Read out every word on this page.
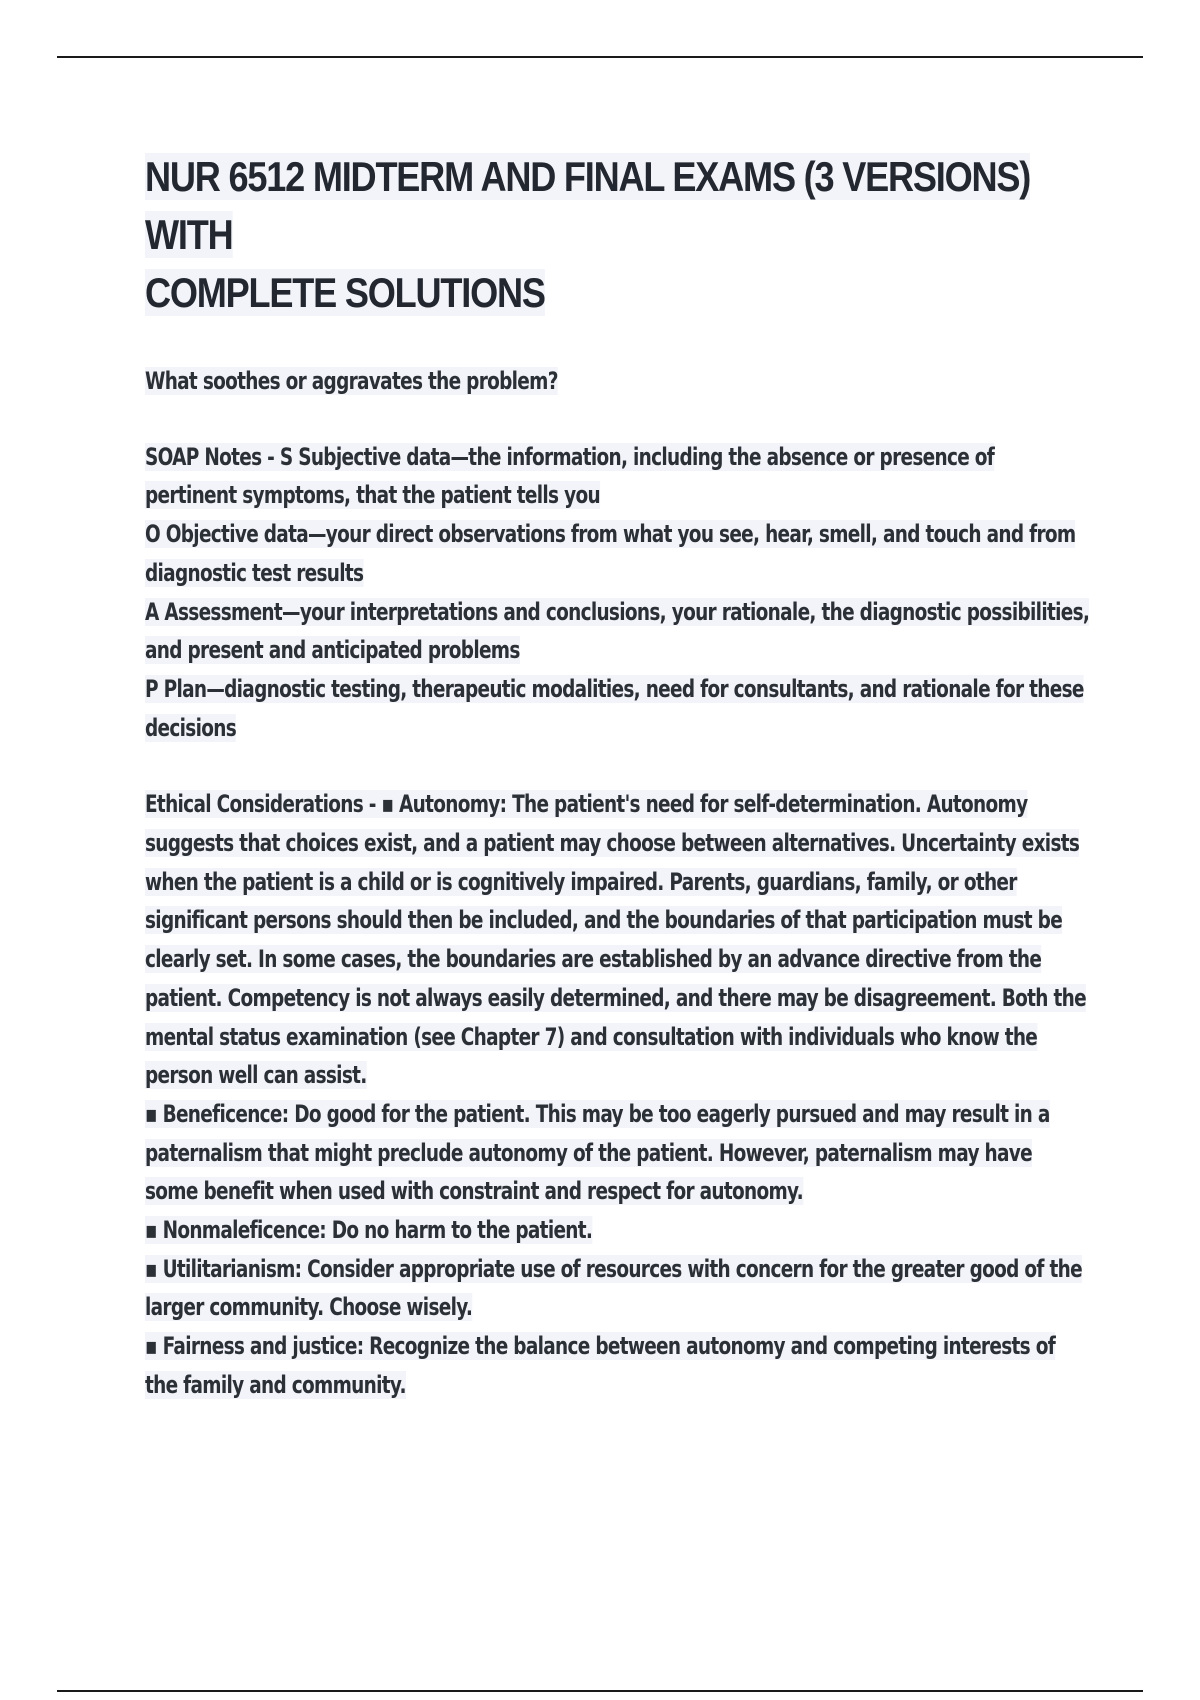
NUR 6512 MIDTERM AND FINAL EXAMS (3 VERSIONS) WITH
COMPLETE SOLUTIONS

What soothes or aggravates the problem?

SOAP Notes - S Subjective data—the information, including the absence or presence of pertinent symptoms, that the patient tells you
O Objective data—your direct observations from what you see, hear, smell, and touch and from diagnostic test results
A Assessment—your interpretations and conclusions, your rationale, the diagnostic possibilities, and present and anticipated problems
P Plan—diagnostic testing, therapeutic modalities, need for consultants, and rationale for these decisions

Ethical Considerations - ▪ Autonomy: The patient's need for self-determination. Autonomy suggests that choices exist, and a patient may choose between alternatives. Uncertainty exists when the patient is a child or is cognitively impaired. Parents, guardians, family, or other significant persons should then be included, and the boundaries of that participation must be clearly set. In some cases, the boundaries are established by an advance directive from the patient. Competency is not always easily determined, and there may be disagreement. Both the mental status examination (see Chapter 7) and consultation with individuals who know the person well can assist.
▪ Beneficence: Do good for the patient. This may be too eagerly pursued and may result in a paternalism that might preclude autonomy of the patient. However, paternalism may have some benefit when used with constraint and respect for autonomy.
▪ Nonmaleficence: Do no harm to the patient.
▪ Utilitarianism: Consider appropriate use of resources with concern for the greater good of the larger community. Choose wisely.
▪ Fairness and justice: Recognize the balance between autonomy and competing interests of the family and community.
